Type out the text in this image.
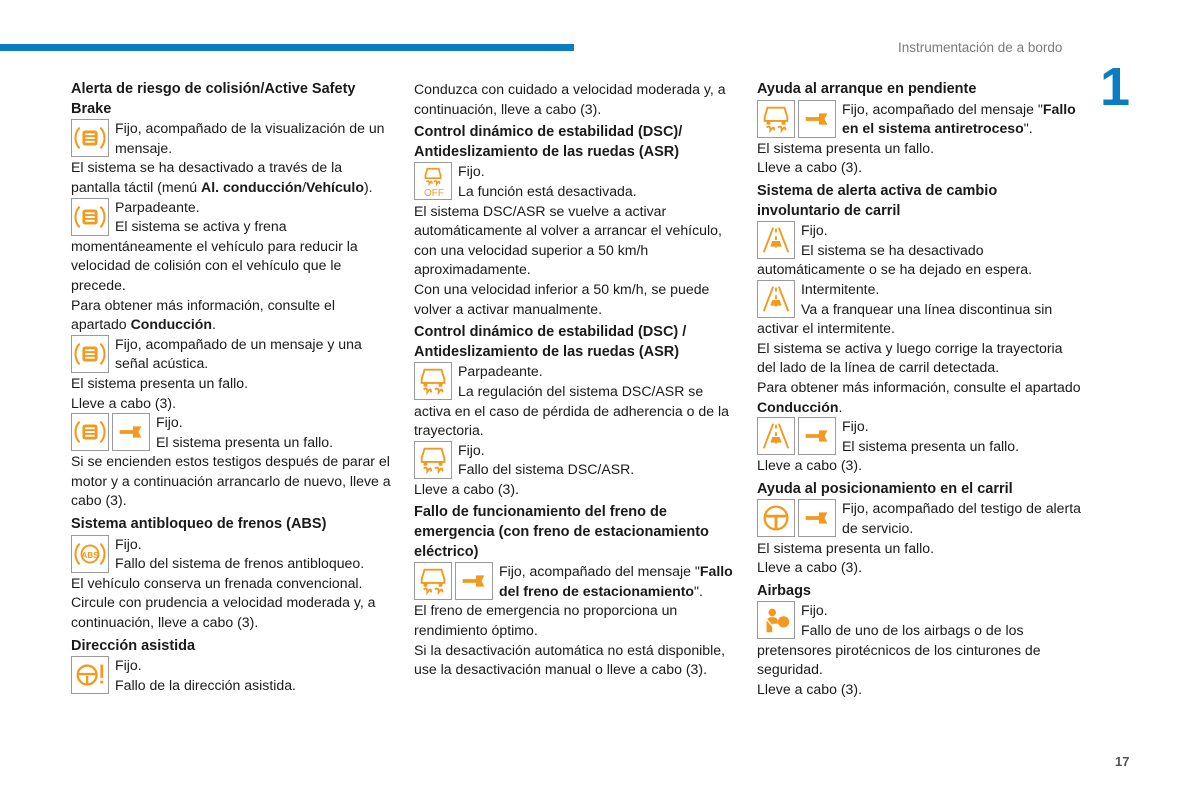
Instrumentación de a bordo
1
17
Alerta de riesgo de colisión/Active Safety Brake
Fijo, acompañado de la visualización de un mensaje.

El sistema se ha desactivado a través de la pantalla táctil (menú Al. conducción/Vehículo).

Parpadeante.
El sistema se activa y frena momentáneamente el vehículo para reducir la velocidad de colisión con el vehículo que le precede.

Para obtener más información, consulte el apartado Conducción.

Fijo, acompañado de un mensaje y una señal acústica.

El sistema presenta un fallo.

Lleve a cabo (3).

Fijo.
El sistema presenta un fallo.

Si se encienden estos testigos después de parar el motor y a continuación arrancarlo de nuevo, lleve a cabo (3).

Sistema antibloqueo de frenos (ABS)
ABS
Fijo.
Fallo del sistema de frenos antibloqueo.

El vehículo conserva un frenada convencional.

Circule con prudencia a velocidad moderada y, a continuación, lleve a cabo (3).

Dirección asistida
Fijo.
Fallo de la dirección asistida.

Conduzca con cuidado a velocidad moderada y, a continuación, lleve a cabo (3).

Control dinámico de estabilidad (DSC)/ Antideslizamiento de las ruedas (ASR)
OFF
Fijo.
La función está desactivada.

El sistema DSC/ASR se vuelve a activar automáticamente al volver a arrancar el vehículo, con una velocidad superior a 50 km/h aproximadamente.

Con una velocidad inferior a 50 km/h, se puede volver a activar manualmente.

Control dinámico de estabilidad (DSC) / Antideslizamiento de las ruedas (ASR)
Parpadeante.
La regulación del sistema DSC/ASR se activa en el caso de pérdida de adherencia o de la trayectoria.
Fijo.
Fallo del sistema DSC/ASR.

Lleve a cabo (3).

Fallo de funcionamiento del freno de emergencia (con freno de estacionamiento eléctrico)
Fijo, acompañado del mensaje "Fallo del freno de estacionamiento".

El freno de emergencia no proporciona un rendimiento óptimo.

Si la desactivación automática no está disponible, use la desactivación manual o lleve a cabo (3).

Ayuda al arranque en pendiente
Fijo, acompañado del mensaje "Fallo en el sistema antiretroceso".

El sistema presenta un fallo.

Lleve a cabo (3).

Sistema de alerta activa de cambio involuntario de carril
Fijo.
El sistema se ha desactivado automáticamente o se ha dejado en espera.
Intermitente.
Va a franquear una línea discontinua sin activar el intermitente.

El sistema se activa y luego corrige la trayectoria del lado de la línea de carril detectada.

Para obtener más información, consulte el apartado Conducción.

Fijo.
El sistema presenta un fallo.

Lleve a cabo (3).

Ayuda al posicionamiento en el carril
Fijo, acompañado del testigo de alerta de servicio.

El sistema presenta un fallo.

Lleve a cabo (3).

Airbags
Fijo.
Fallo de uno de los airbags o de los pretensores pirotécnicos de los cinturones de seguridad.

Lleve a cabo (3).
